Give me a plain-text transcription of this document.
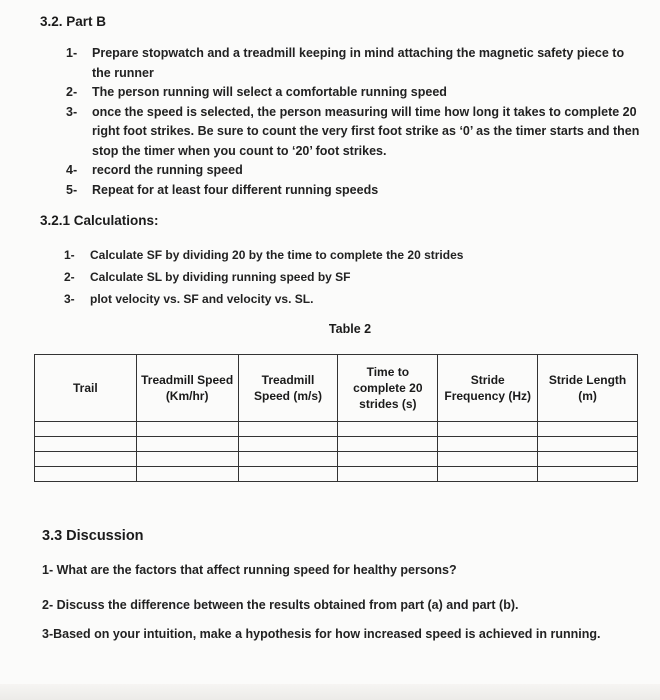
3.2. Part B
1- Prepare stopwatch and a treadmill keeping in mind attaching the magnetic safety piece to the runner
2- The person running will select a comfortable running speed
3- once the speed is selected, the person measuring will time how long it takes to complete 20 right foot strikes. Be sure to count the very first foot strike as ‘0’ as the timer starts and then stop the timer when you count to ‘20’ foot strikes.
4- record the running speed
5- Repeat for at least four different running speeds
3.2.1 Calculations:
1- Calculate SF by dividing 20 by the time to complete the 20 strides
2- Calculate SL by dividing running speed by SF
3- plot velocity vs. SF and velocity vs. SL.
Table 2
Trail	Treadmill Speed (Km/hr)	Treadmill Speed (m/s)	Time to complete 20 strides (s)	Stride Frequency (Hz)	Stride Length (m)

3.3 Discussion

1- What are the factors that affect running speed for healthy persons?

2- Discuss the difference between the results obtained from part (a) and part (b).

3-Based on your intuition, make a hypothesis for how increased speed is achieved in running.
